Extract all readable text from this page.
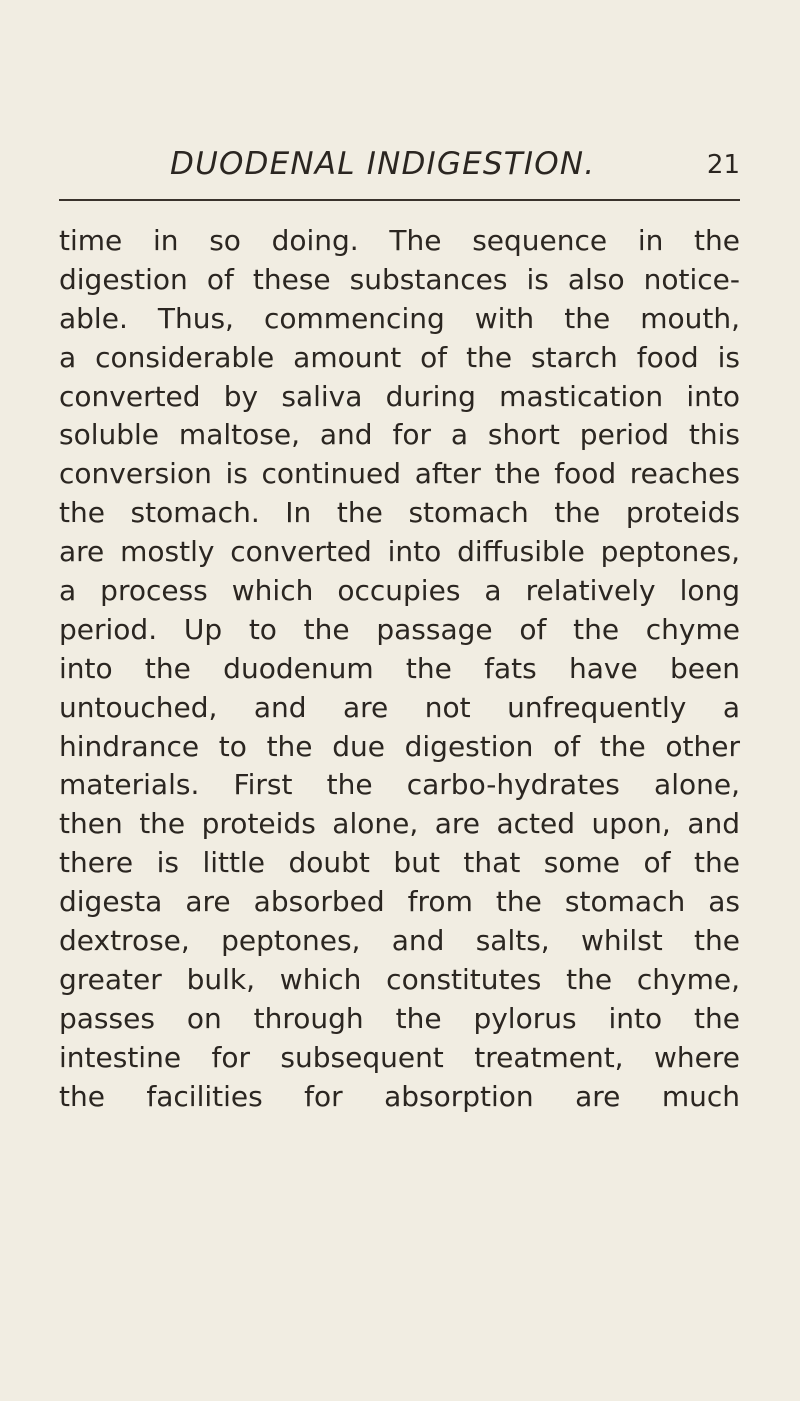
DUODENAL INDIGESTION.	21
time in so doing. The sequence in the
digestion of these substances is also notice-
able. Thus, commencing with the mouth,
a considerable amount of the starch food is
converted by saliva during mastication into
soluble maltose, and for a short period this
conversion is continued after the food reaches
the stomach. In the stomach the proteids
are mostly converted into diffusible peptones,
a process which occupies a relatively long
period. Up to the passage of the chyme
into the duodenum the fats have been
untouched, and are not unfrequently a
hindrance to the due digestion of the other
materials. First the carbo-hydrates alone,
then the proteids alone, are acted upon, and
there is little doubt but that some of the
digesta are absorbed from the stomach as
dextrose, peptones, and salts, whilst the
greater bulk, which constitutes the chyme,
passes on through the pylorus into the
intestine for subsequent treatment, where
the facilities for absorption are much
